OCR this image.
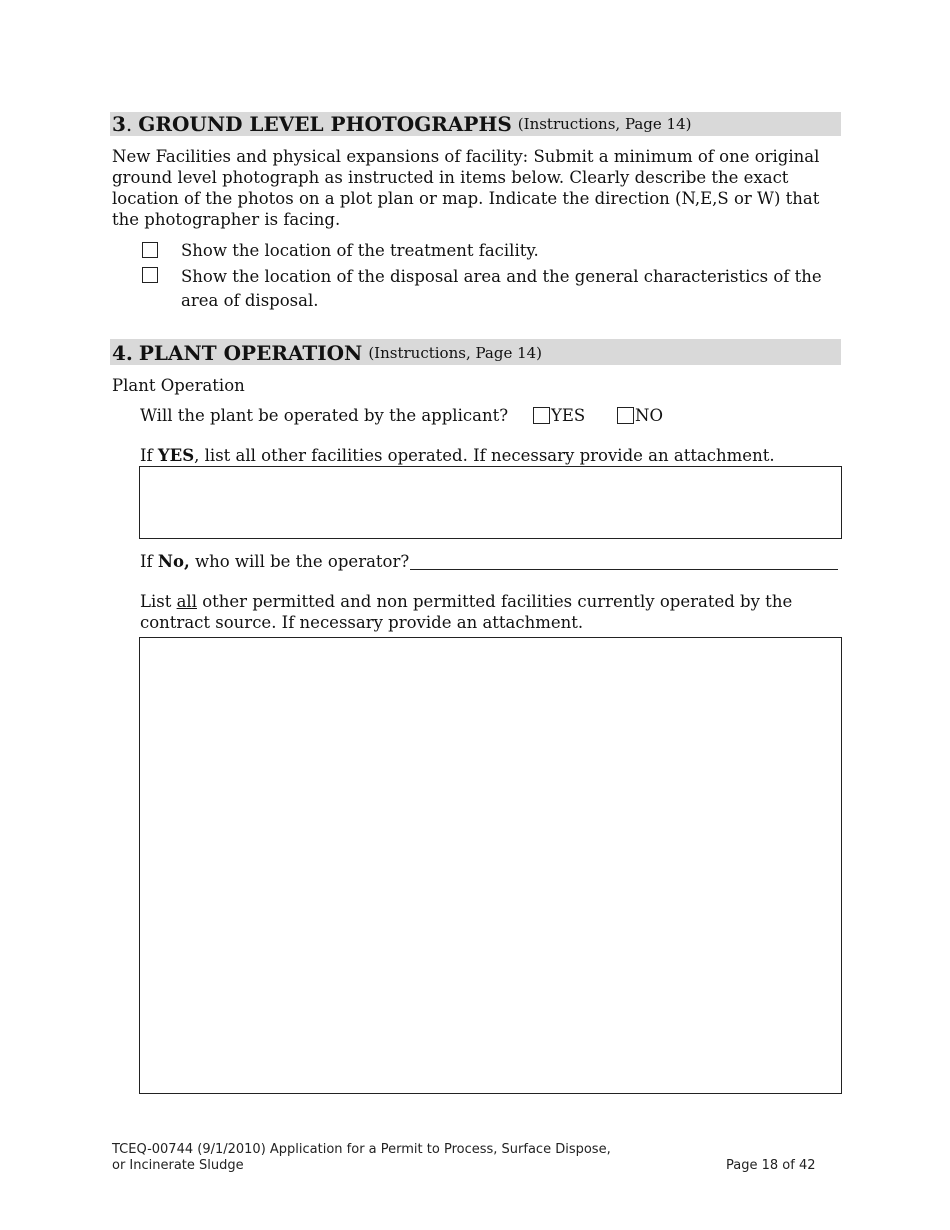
3 . GROUND LEVEL PHOTOGRAPHS (Instructions, Page 14)
New Facilities and physical expansions of facility: Submit a minimum of one original ground level photograph as instructed in items below. Clearly describe the exact location of the photos on a plot plan or map. Indicate the direction (N,E,S or W) that the photographer is facing.
Show the location of the treatment facility.
Show the location of the disposal area and the general characteristics of the area of disposal.
4. PLANT OPERATION (Instructions, Page 14)
Plant Operation
Will the plant be operated by the applicant?	YES	NO
If YES, list all other facilities operated. If necessary provide an attachment.
If No, who will be the operator?
List all other permitted and non permitted facilities currently operated by the contract source. If necessary provide an attachment.
TCEQ-00744 (9/1/2010) Application for a Permit to Process, Surface Dispose,
or Incinerate Sludge	Page 18 of 42
